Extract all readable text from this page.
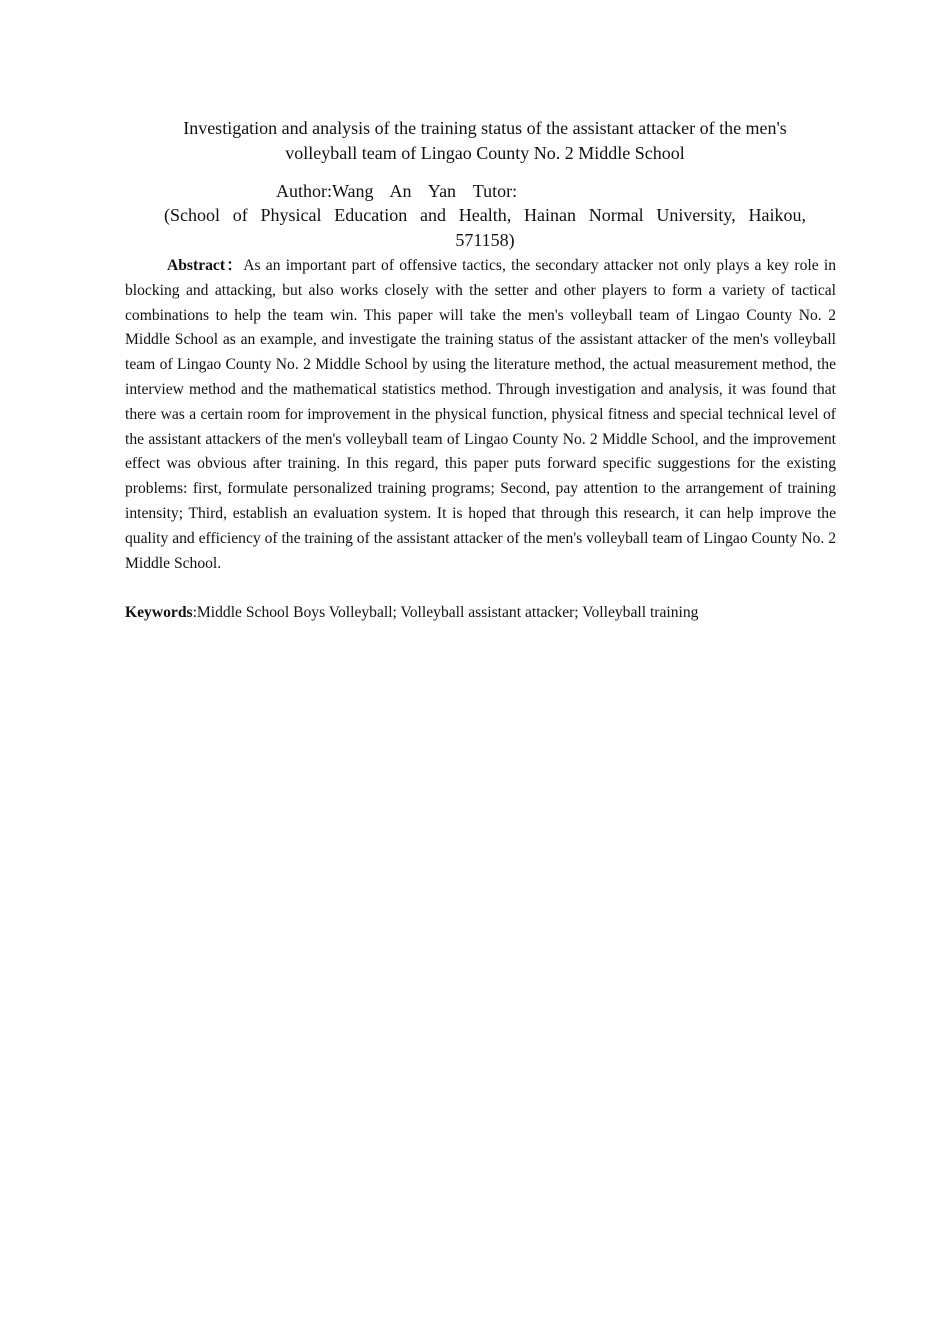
Investigation and analysis of the training status of the assistant attacker of the men's volleyball team of Lingao County No. 2 Middle School
Author:Wang  An  Yan  Tutor:
(School of Physical Education and Health, Hainan Normal University, Haikou,
571158)

Abstract：As an important part of offensive tactics, the secondary attacker not only plays a key role in blocking and attacking, but also works closely with the setter and other players to form a variety of tactical combinations to help the team win. This paper will take the men's volleyball team of Lingao County No. 2 Middle School as an example, and investigate the training status of the assistant attacker of the men's volleyball team of Lingao County No. 2 Middle School by using the literature method, the actual measurement method, the interview method and the mathematical statistics method. Through investigation and analysis, it was found that there was a certain room for improvement in the physical function, physical fitness and special technical level of the assistant attackers of the men's volleyball team of Lingao County No. 2 Middle School, and the improvement effect was obvious after training. In this regard, this paper puts forward specific suggestions for the existing problems: first, formulate personalized training programs; Second, pay attention to the arrangement of training intensity; Third, establish an evaluation system. It is hoped that through this research, it can help improve the quality and efficiency of the training of the assistant attacker of the men's volleyball team of Lingao County No. 2 Middle School.

Keywords:Middle School Boys Volleyball; Volleyball assistant attacker; Volleyball training
